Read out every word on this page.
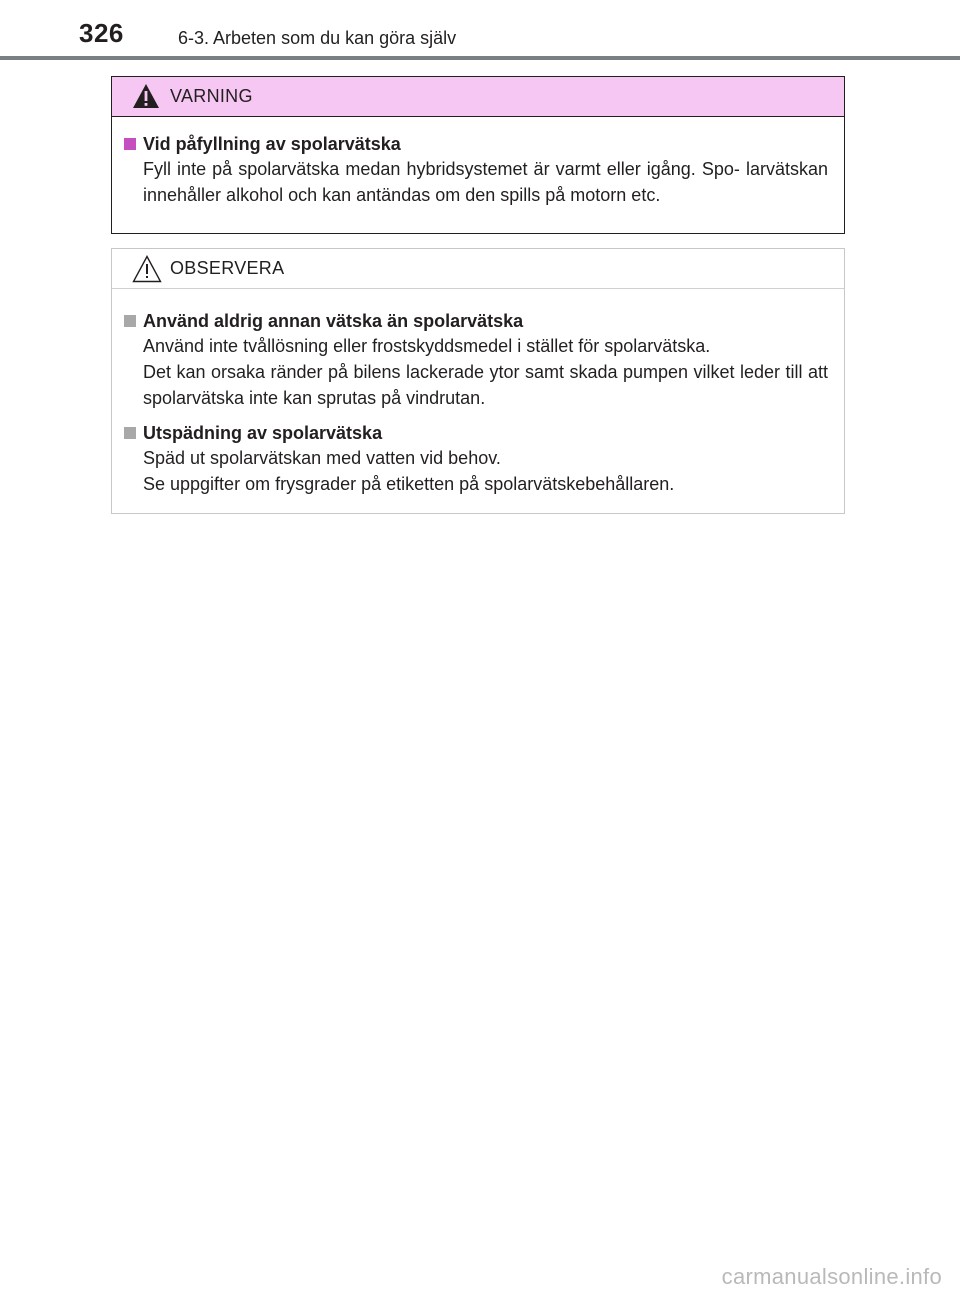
326	6-3. Arbeten som du kan göra själv
VARNING
Vid påfyllning av spolarvätska

Fyll inte på spolarvätska medan hybridsystemet är varmt eller igång. Spo- larvätskan innehåller alkohol och kan antändas om den spills på motorn etc.

OBSERVERA
Använd aldrig annan vätska än spolarvätska

Använd inte tvållösning eller frostskyddsmedel i stället för spolarvätska.

Det kan orsaka ränder på bilens lackerade ytor samt skada pumpen vilket leder till att spolarvätska inte kan sprutas på vindrutan.

Utspädning av spolarvätska

Späd ut spolarvätskan med vatten vid behov.

Se uppgifter om frysgrader på etiketten på spolarvätskebehållaren.

carmanualsonline.info
